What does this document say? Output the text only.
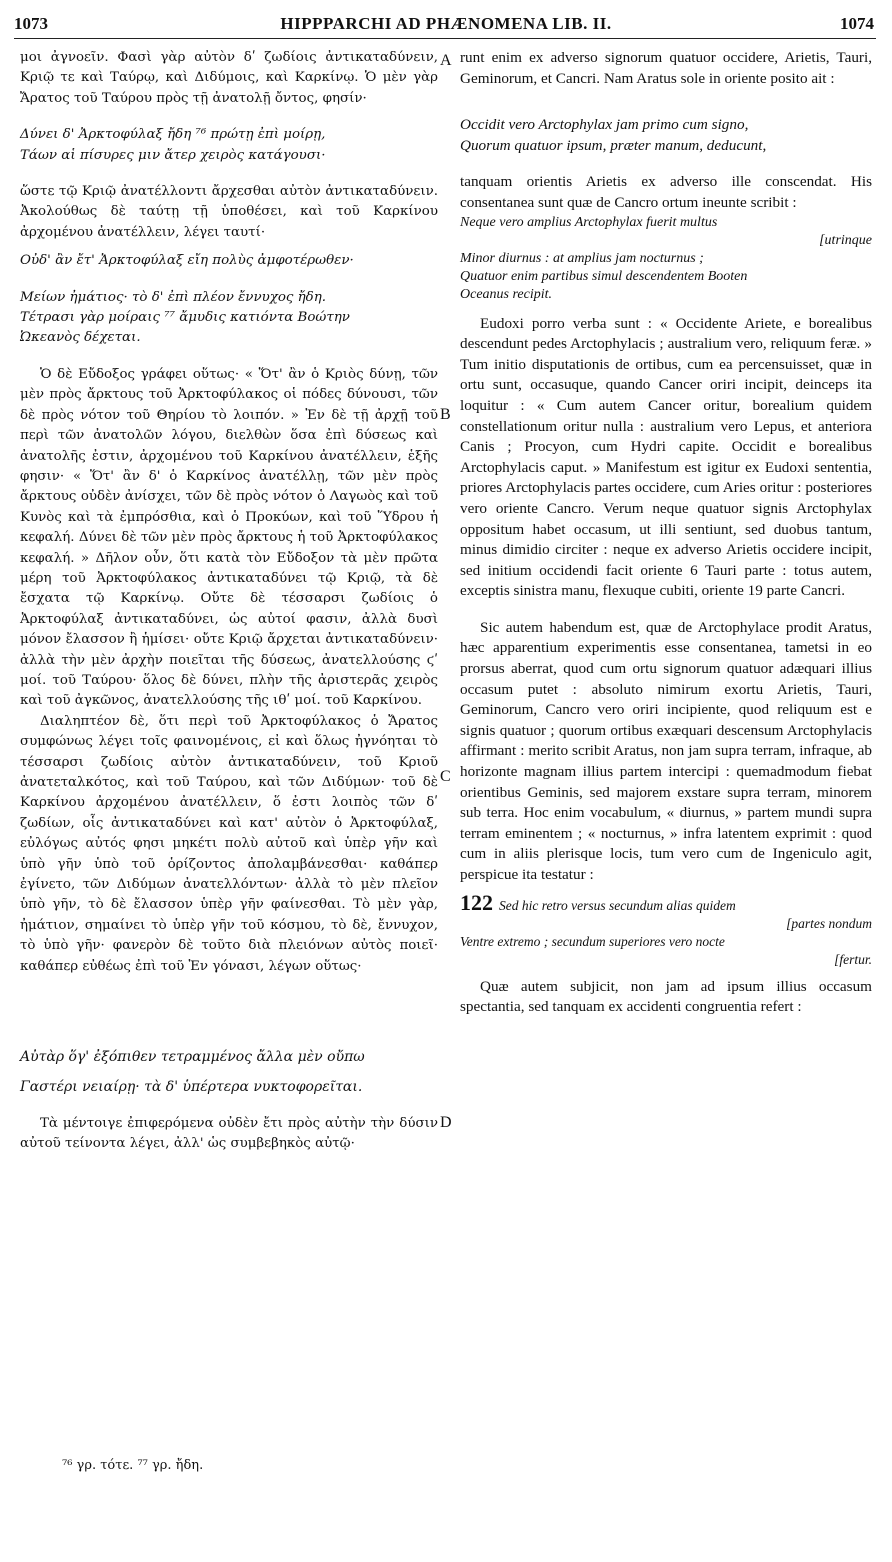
1073	HIPPPARCHI AD PHÆNOMENA LIB. II.	1074

μοι ἀγνοεῖν. Φασὶ γὰρ αὐτὸν δʹ ζωδίοις ἀντικαταδύνειν, Κριῷ τε καὶ Ταύρῳ, καὶ Διδύμοις, καὶ Καρκίνῳ. Ὁ μὲν γὰρ Ἄρατος τοῦ Ταύρου πρὸς τῇ ἀνατολῇ ὄντος, φησίν·

Δύνει δ' Ἀρκτοφύλαξ ἤδη ⁷⁶ πρώτῃ ἐπὶ μοίρῃ,

Τάων αἱ πίσυρες μιν ἄτερ χειρὸς κατάγουσι·

ὥστε τῷ Κριῷ ἀνατέλλοντι ἄρχεσθαι αὐτὸν ἀντικαταδύνειν. Ἀκολούθως δὲ ταύτῃ τῇ ὑποθέσει, καὶ τοῦ Καρκίνου ἀρχομένου ἀνατέλλειν, λέγει ταυτί·

Οὐδ' ἂν ἔτ' Ἀρκτοφύλαξ εἴη πολὺς ἀμφοτέρωθεν·

Μείων ἠμάτιος· τὸ δ' ἐπὶ πλέον ἔννυχος ἤδη.

Τέτρασι γὰρ μοίραις ⁷⁷ ἄμυδις κατιόντα Βοώτην

Ὠκεανὸς δέχεται.

Ὁ δὲ Εὔδοξος γράφει οὕτως· « Ὅτ' ἂν ὁ Κριὸς δύνῃ, τῶν μὲν πρὸς ἄρκτους τοῦ Ἀρκτοφύλακος οἱ πόδες δύνουσι, τῶν δὲ πρὸς νότον τοῦ Θηρίου τὸ λοιπόν. » Ἐν δὲ τῇ ἀρχῇ τοῦ περὶ τῶν ἀνατολῶν λόγου, διελθὼν ὅσα ἐπὶ δύσεως καὶ ἀνατολῆς ἐστιν, ἀρχομένου τοῦ Καρκίνου ἀνατέλλειν, ἑξῆς φησιν· « Ὅτ' ἂν δ' ὁ Καρκίνος ἀνατέλλῃ, τῶν μὲν πρὸς ἄρκτους οὐδὲν ἀνίσχει, τῶν δὲ πρὸς νότον ὁ Λαγωὸς καὶ τοῦ Κυνὸς καὶ τὰ ἐμπρόσθια, καὶ ὁ Προκύων, καὶ τοῦ Ὕδρου ἡ κεφαλή. Δύνει δὲ τῶν μὲν πρὸς ἄρκτους ἡ τοῦ Ἀρκτοφύλακος κεφαλή. » Δῆλον οὖν, ὅτι κατὰ τὸν Εὔδοξον τὰ μὲν πρῶτα μέρη τοῦ Ἀρκτοφύλακος ἀντικαταδύνει τῷ Κριῷ, τὰ δὲ ἔσχατα τῷ Καρκίνῳ. Οὔτε δὲ τέσσαρσι ζωδίοις ὁ Ἀρκτοφύλαξ ἀντικαταδύνει, ὡς αὐτοί φασιν, ἀλλὰ δυσὶ μόνον ἔλασσον ἢ ἡμίσει· οὔτε Κριῷ ἄρχεται ἀντικαταδύνειν· ἀλλὰ τὴν μὲν ἀρχὴν ποιεῖται τῆς δύσεως, ἀνατελλούσης ϛʹ μοί. τοῦ Ταύρου· ὅλος δὲ δύνει, πλὴν τῆς ἀριστερᾶς χειρὸς καὶ τοῦ ἀγκῶνος, ἀνατελλούσης τῆς ιθʹ μοί. τοῦ Καρκίνου.

Διαληπτέον δὲ, ὅτι περὶ τοῦ Ἀρκτοφύλακος ὁ Ἄρατος συμφώνως λέγει τοῖς φαινομένοις, εἰ καὶ ὅλως ἠγνόηται τὸ τέσσαρσι ζωδίοις αὐτὸν ἀντικαταδύνειν, τοῦ Κριοῦ ἀνατεταλκότος, καὶ τοῦ Ταύρου, καὶ τῶν Διδύμων· τοῦ δὲ Καρκίνου ἀρχομένου ἀνατέλλειν, ὅ ἐστι λοιπὸς τῶν δʹ ζωδίων, οἷς ἀντικαταδύνει καὶ κατ' αὐτὸν ὁ Ἀρκτοφύλαξ, εὐλόγως αὐτός φησι μηκέτι πολὺ αὐτοῦ καὶ ὑπὲρ γῆν καὶ ὑπὸ γῆν ὑπὸ τοῦ ὁρίζοντος ἀπολαμβάνεσθαι· καθάπερ ἐγίνετο, τῶν Διδύμων ἀνατελλόντων· ἀλλὰ τὸ μὲν πλεῖον ὑπὸ γῆν, τὸ δὲ ἔλασσον ὑπὲρ γῆν φαίνεσθαι. Τὸ μὲν γὰρ, ἠμάτιον, σημαίνει τὸ ὑπὲρ γῆν τοῦ κόσμου, τὸ δὲ, ἔννυχον, τὸ ὑπὸ γῆν· φανερὸν δὲ τοῦτο διὰ πλειόνων αὐτὸς ποιεῖ· καθάπερ εὐθέως ἐπὶ τοῦ Ἐν γόνασι, λέγων οὕτως·

Αὐτὰρ ὅγ' ἐξόπιθεν τετραμμένος ἄλλα μὲν οὔπω

Γαστέρι νειαίρῃ· τὰ δ' ὑπέρτερα νυκτοφορεῖται.

Τὰ μέντοιγε ἐπιφερόμενα οὐδὲν ἔτι πρὸς αὐτὴν τὴν δύσιν αὐτοῦ τείνοντα λέγει, ἀλλ' ὡς συμβεβηκὸς αὐτῷ·

⁷⁶ γρ. τότε. ⁷⁷ γρ. ἤδη.
A
B
C
D

runt enim ex adverso signorum quatuor occidere, Arietis, Tauri, Geminorum, et Cancri. Nam Aratus sole in oriente posito ait :

Occidit vero Arctophylax jam primo cum signo,

Quorum quatuor ipsum, præter manum, deducunt,

tanquam orientis Arietis ex adverso ille conscendat. His consentanea sunt quæ de Cancro ortum ineunte scribit :

Neque vero amplius Arctophylax fuerit multus
[utrinque
Minor diurnus : at amplius jam nocturnus ;
Quatuor enim partibus simul descendentem Booten
Oceanus recipit.

Eudoxi porro verba sunt : « Occidente Ariete, e borealibus descendunt pedes Arctophylacis ; australium vero, reliquum feræ. » Tum initio disputationis de ortibus, cum ea percensuisset, quæ in ortu sunt, occasuque, quando Cancer oriri incipit, deinceps ita loquitur : « Cum autem Cancer oritur, borealium quidem constellationum oritur nulla : australium vero Lepus, et anteriora Canis ; Procyon, cum Hydri capite. Occidit e borealibus Arctophylacis caput. » Manifestum est igitur ex Eudoxi sententia, priores Arctophylacis partes occidere, cum Aries oritur : posteriores vero oriente Cancro. Verum neque quatuor signis Arctophylax oppositum habet occasum, ut illi sentiunt, sed duobus tantum, minus dimidio circiter : neque ex adverso Arietis occidere incipit, sed initium occidendi facit oriente 6 Tauri parte : totus autem, exceptis sinistra manu, flexuque cubiti, oriente 19 parte Cancri.

Sic autem habendum est, quæ de Arctophylace prodit Aratus, hæc apparentium experimentis esse consentanea, tametsi in eo prorsus aberrat, quod cum ortu signorum quatuor adæquari illius occasum putet : absoluto nimirum exortu Arietis, Tauri, Geminorum, Cancro vero oriri incipiente, quod reliquum est e signis quatuor ; quorum ortibus exæquari descensum Arctophylacis affirmant : merito scribit Aratus, non jam supra terram, infraque, ab horizonte magnam illius partem intercipi : quemadmodum fiebat orientibus Geminis, sed majorem exstare supra terram, minorem sub terra. Hoc enim vocabulum, « diurnus, » partem mundi supra terram eminentem ; « nocturnus, » infra latentem exprimit : quod cum in aliis plerisque locis, tum vero cum de Ingeniculo agit, perspicue ita testatur :

122 Sed hic retro versus secundum alias quidem
[partes nondum
Ventre extremo ; secundum superiores vero nocte
[fertur.

Quæ autem subjicit, non jam ad ipsum illius occasum spectantia, sed tanquam ex accidenti congruentia refert :
